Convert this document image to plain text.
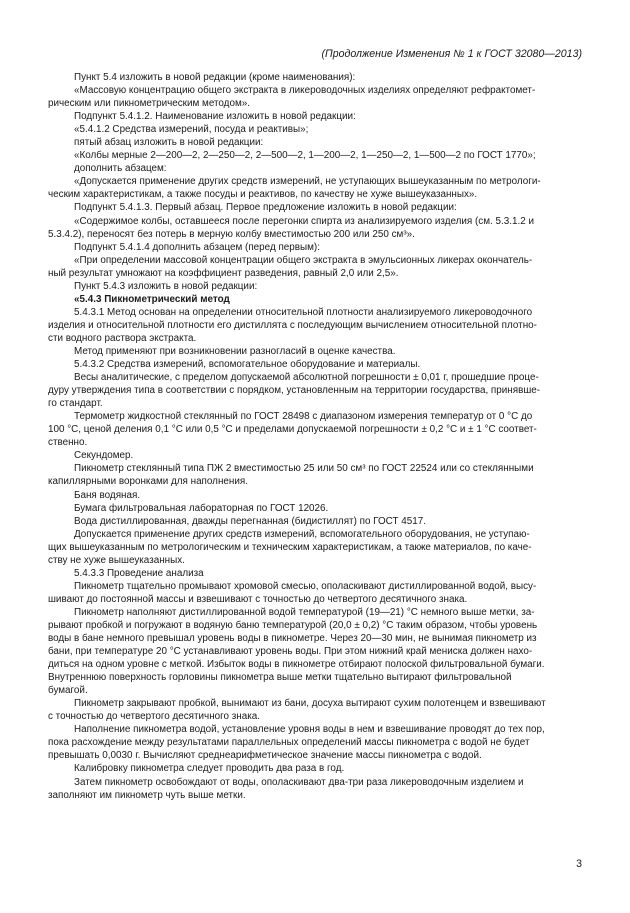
(Продолжение Изменения № 1 к ГОСТ 32080—2013)

Пункт 5.4 изложить в новой редакции (кроме наименования):

«Массовую концентрацию общего экстракта в ликероводочных изделиях определяют рефрактомет-
рическим или пикнометрическим методом».

Подпункт 5.4.1.2. Наименование изложить в новой редакции:

«5.4.1.2 Средства измерений, посуда и реактивы»;

пятый абзац изложить в новой редакции:

«Колбы мерные 2—200—2, 2—250—2, 2—500—2, 1—200—2, 1—250—2, 1—500—2 по ГОСТ 1770»;

дополнить абзацем:

«Допускается применение других средств измерений, не уступающих вышеуказанным по метрологи-
ческим характеристикам, а также посуды и реактивов, по качеству не хуже вышеуказанных».

Подпункт 5.4.1.3. Первый абзац. Первое предложение изложить в новой редакции:

«Содержимое колбы, оставшееся после перегонки спирта из анализируемого изделия (см. 5.3.1.2 и
5.3.4.2), переносят без потерь в мерную колбу вместимостью 200 или 250 см³».

Подпункт 5.4.1.4 дополнить абзацем (перед первым):

«При определении массовой концентрации общего экстракта в эмульсионных ликерах окончатель-
ный результат умножают на коэффициент разведения, равный 2,0 или 2,5».

Пункт 5.4.3 изложить в новой редакции:

«5.4.3 Пикнометрический метод

5.4.3.1 Метод основан на определении относительной плотности анализируемого ликероводочного
изделия и относительной плотности его дистиллята с последующим вычислением относительной плотно-
сти водного раствора экстракта.

Метод применяют при возникновении разногласий в оценке качества.

5.4.3.2 Средства измерений, вспомогательное оборудование и материалы.

Весы аналитические, с пределом допускаемой абсолютной погрешности ± 0,01 г, прошедшие проце-
дуру утверждения типа в соответствии с порядком, установленным на территории государства, принявше-
го стандарт.

Термометр жидкостной стеклянный по ГОСТ 28498 с диапазоном измерения температур от 0 °С до
100 °С, ценой деления 0,1 °С или 0,5 °С и пределами допускаемой погрешности ± 0,2 °С и ± 1 °С соответ-
ственно.

Секундомер.

Пикнометр стеклянный типа ПЖ 2 вместимостью 25 или 50 см³ по ГОСТ 22524 или со стеклянными
капиллярными воронками для наполнения.

Баня водяная.

Бумага фильтровальная лабораторная по ГОСТ 12026.

Вода дистиллированная, дважды перегнанная (бидистиллят) по ГОСТ 4517.

Допускается применение других средств измерений, вспомогательного оборудования, не уступаю-
щих вышеуказанным по метрологическим и техническим характеристикам, а также материалов, по каче-
ству не хуже вышеуказанных.

5.4.3.3 Проведение анализа

Пикнометр тщательно промывают хромовой смесью, ополаскивают дистиллированной водой, высу-
шивают до постоянной массы и взвешивают с точностью до четвертого десятичного знака.

Пикнометр наполняют дистиллированной водой температурой (19—21) °С немного выше метки, за-
рывают пробкой и погружают в водяную баню температурой (20,0 ± 0,2) °С таким образом, чтобы уровень
воды в бане немного превышал уровень воды в пикнометре. Через 20—30 мин, не вынимая пикнометр из
бани, при температуре 20 °С устанавливают уровень воды. При этом нижний край мениска должен нахо-
диться на одном уровне с меткой. Избыток воды в пикнометре отбирают полоской фильтровальной бумаги.
Внутреннюю поверхность горловины пикнометра выше метки тщательно вытирают фильтровальной
бумагой.

Пикнометр закрывают пробкой, вынимают из бани, досуха вытирают сухим полотенцем и взвешивают
с точностью до четвертого десятичного знака.

Наполнение пикнометра водой, установление уровня воды в нем и взвешивание проводят до тех пор,
пока расхождение между результатами параллельных определений массы пикнометра с водой не будет
превышать 0,0030 г. Вычисляют среднеарифметическое значение массы пикнометра с водой.

Калибровку пикнометра следует проводить два раза в год.

Затем пикнометр освобождают от воды, ополаскивают два-три раза ликероводочным изделием и
заполняют им пикнометр чуть выше метки.

3
